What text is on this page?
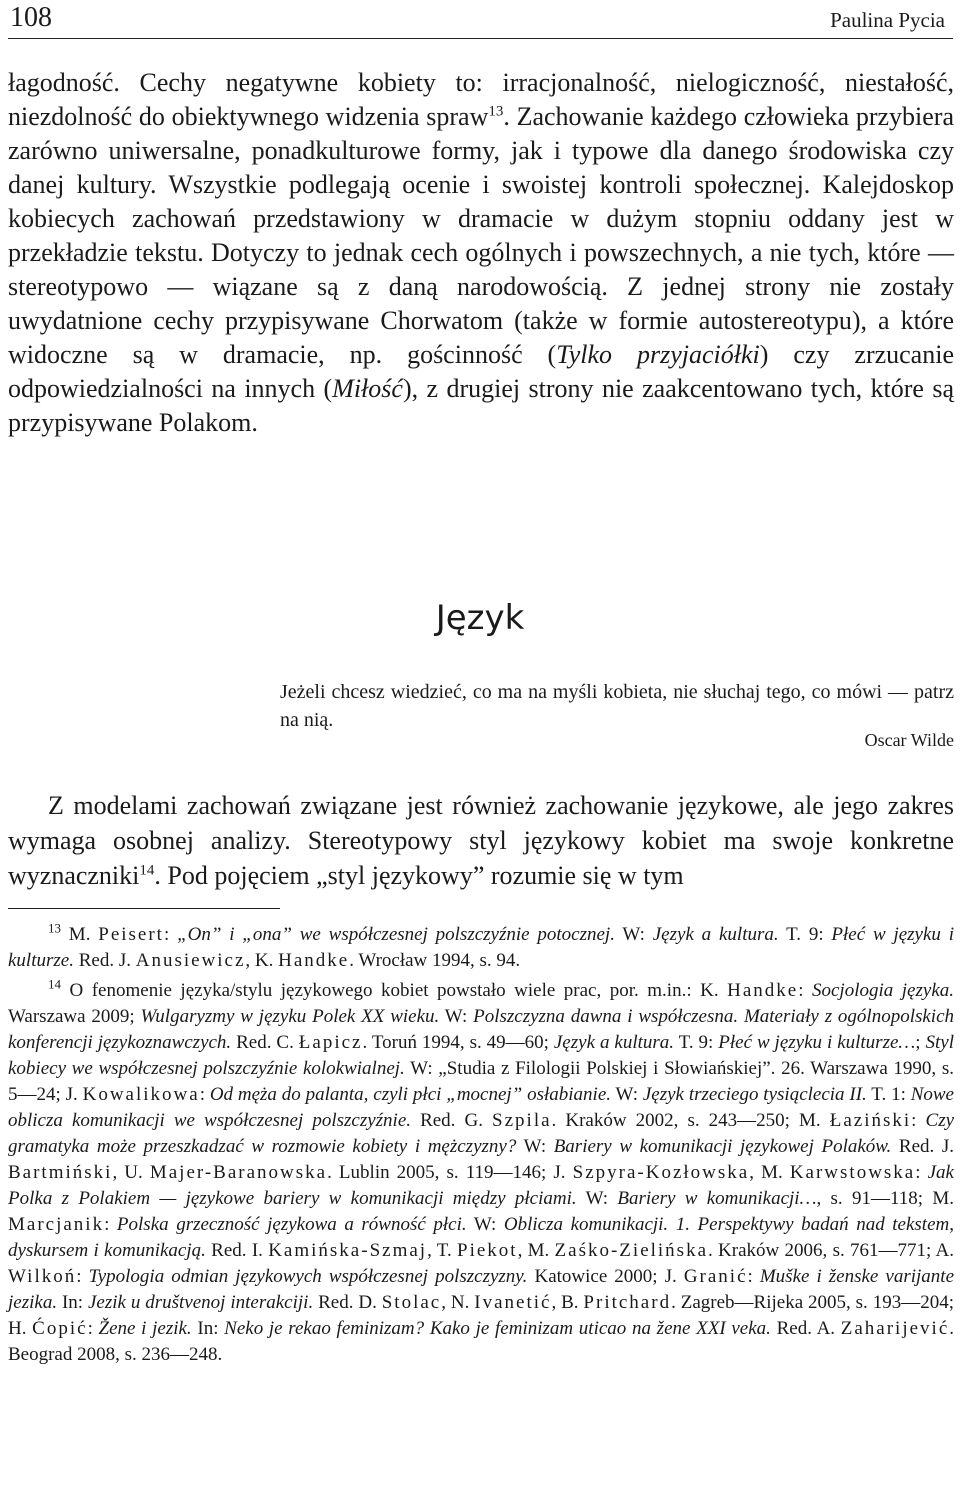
108	Paulina Pycia

łagodność. Cechy negatywne kobiety to: irracjonalność, nielogiczność, niestałość, niezdolność do obiektywnego widzenia spraw$^{13}$. Zachowanie każdego człowieka przybiera zarówno uniwersalne, ponadkulturowe formy, jak i typowe dla danego środowiska czy danej kultury. Wszystkie podlegają ocenie i swoistej kontroli społecznej. Kalejdoskop kobiecych zachowań przedstawiony w dramacie w dużym stopniu oddany jest w przekładzie tekstu. Dotyczy to jednak cech ogólnych i powszechnych, a nie tych, które — stereotypowo — wiązane są z daną narodowością. Z jednej strony nie zostały uwydatnione cechy przypisywane Chorwatom (także w formie autostereotypu), a które widoczne są w dramacie, np. gościnność (Tylko przyjaciółki) czy zrzucanie odpowiedzialności na innych (Miłość), z drugiej strony nie zaakcentowano tych, które są przypisywane Polakom.

Język

Jeżeli chcesz wiedzieć, co ma na myśli kobieta, nie słuchaj tego, co mówi — patrz na nią.

Oscar Wilde

Z modelami zachowań związane jest również zachowanie językowe, ale jego zakres wymaga osobnej analizy. Stereotypowy styl językowy kobiet ma swoje konkretne wyznaczniki$^{14}$. Pod pojęciem „styl językowy” rozumie się w tym

$^{13}$ M. Peisert: „On” i „ona” we współczesnej polszczyźnie potocznej. W: Język a kultura. T. 9: Płeć w języku i kulturze. Red. J. Anusiewicz, K. Handke. Wrocław 1994, s. 94.

$^{14}$ O fenomenie języka/stylu językowego kobiet powstało wiele prac, por. m.in.: K. Handke: Socjologia języka. Warszawa 2009; Wulgaryzmy w języku Polek XX wieku. W: Polszczyzna dawna i współczesna. Materiały z ogólnopolskich konferencji językoznawczych. Red. C. Łapicz. Toruń 1994, s. 49—60; Język a kultura. T. 9: Płeć w języku i kulturze…; Styl kobiecy we współczesnej polszczyźnie kolokwialnej. W: „Studia z Filologii Polskiej i Słowiańskiej”. 26. Warszawa 1990, s. 5—24; J. Kowalikowa: Od męża do palanta, czyli płci „mocnej” osłabianie. W: Język trzeciego tysiąclecia II. T. 1: Nowe oblicza komunikacji we współczesnej polszczyźnie. Red. G. Szpila. Kraków 2002, s. 243—250; M. Łaziński: Czy gramatyka może przeszkadzać w rozmowie kobiety i mężczyzny? W: Bariery w komunikacji językowej Polaków. Red. J. Bartmiński, U. Majer-Baranowska. Lublin 2005, s. 119—146; J. Szpyra-Kozłowska, M. Karwstowska: Jak Polka z Polakiem — językowe bariery w komunikacji między płciami. W: Bariery w komunikacji…, s. 91—118; M. Marcjanik: Polska grzeczność językowa a równość płci. W: Oblicza komunikacji. 1. Perspektywy badań nad tekstem, dyskursem i komunikacją. Red. I. Kamińska-Szmaj, T. Piekot, M. Zaśko-Zielińska. Kraków 2006, s. 761—771; A. Wilkoń: Typologia odmian językowych współczesnej polszczyzny. Katowice 2000; J. Granić: Muške i ženske varijante jezika. In: Jezik u društvenoj interakciji. Red. D. Stolac, N. Ivanetić, B. Pritchard. Zagreb—Rijeka 2005, s. 193—204; H. Ćopić: Žene i jezik. In: Neko je rekao feminizam? Kako je feminizam uticao na žene XXI veka. Red. A. Zaharijević. Beograd 2008, s. 236—248.
